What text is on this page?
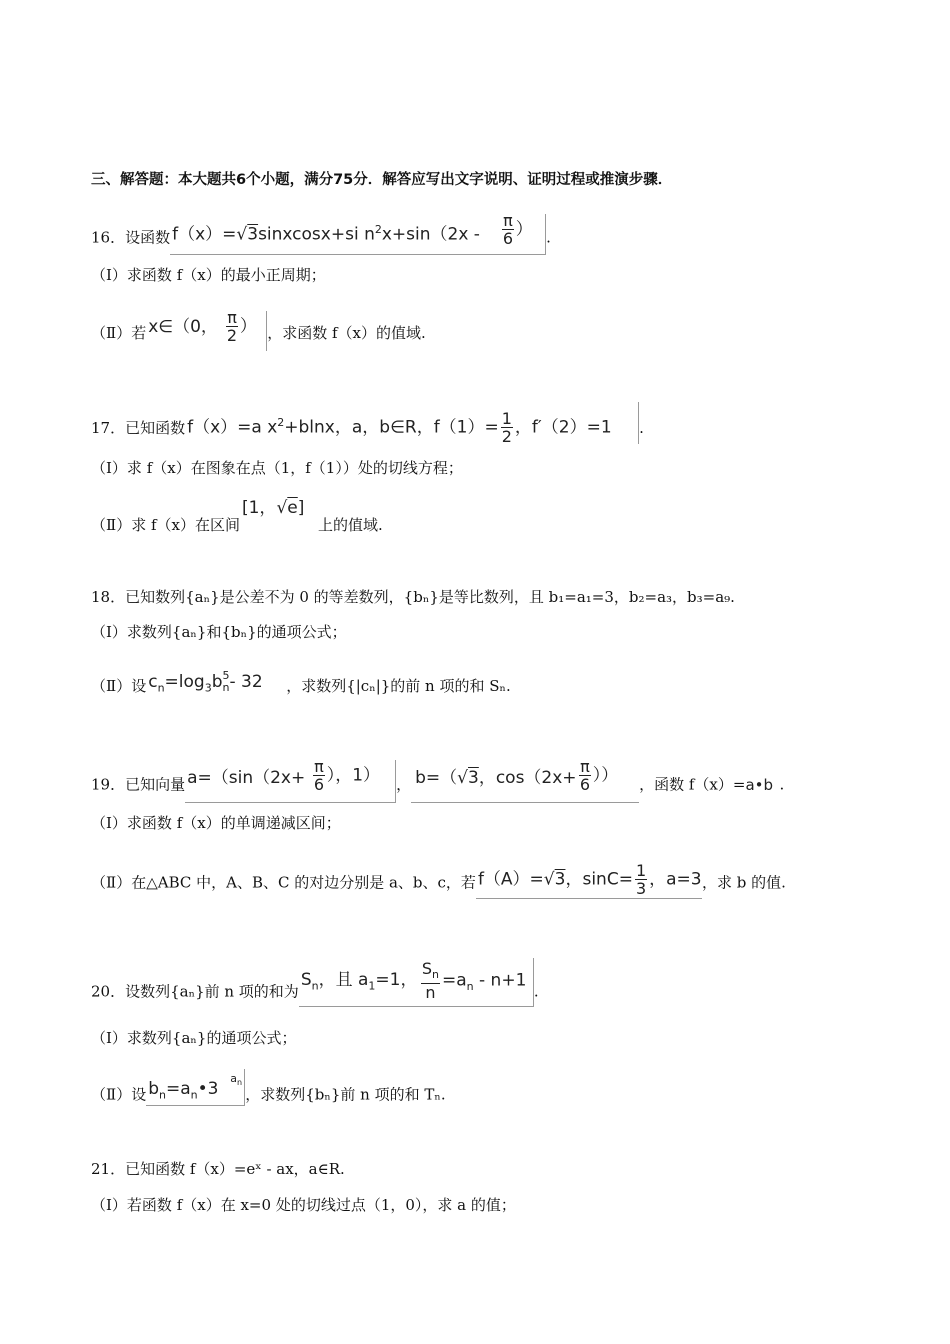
三、解答题：本大题共6个小题，满分75分．解答应写出文字说明、证明过程或推演步骤．
16．设函数 f（x）=√3sinxcosx+si $n^2x+\sin(2x - \frac{\pi}{6}$ ） .
（Ⅰ）求函数 f（x）的最小正周期；
（Ⅱ）若 x∈（0， $\frac{\pi}{2}$ ） ，求函数 f（x）的值域.
17．已知函数 f（x）=a $x^2+blnx$，a，b∈R，$f(1)= \frac{1}{2}$ ，f′（2）=1 .
（Ⅰ）求 f（x）在图象在点（1，f（1））处的切线方程；
（Ⅱ）求 f（x）在区间
[1，√e]
上的值域.
18．已知数列{aₙ}是公差不为 0 的等差数列，{bₙ}是等比数列，且 b₁=a₁=3，b₂=a₃，b₃=a₉.
（Ⅰ）求数列{aₙ}和{bₙ}的通项公式；
（Ⅱ）设 $c_n=\log_3b$ 5
n - 32 ，求数列{|cₙ|}的前 n 项的和 Sₙ.
19．已知向量 $a=(\sin(2x+ \frac{\pi}{6}$ ），1） ， b=（√3，$\cos(2x+ \frac{\pi}{6}$ ）） ，函数 f（x）= a•b .
（Ⅰ）求函数 f（x）的单调递减区间；
（Ⅱ）在△ABC 中，A、B、C 的对边分别是 a、b、c，若 f（A）=√3，$\sin C= \frac{1}{3}$ ，a=3 ，求 b 的值.
20．设数列{aₙ}前 n 项的和为
$S_n$，且 $a_1=1$， $\frac{S_n}{n} =a_n - n+1$
.
（Ⅰ）求数列{aₙ}的通项公式；
（Ⅱ）设 $b_n=a_n•3$
$a_n$
，求数列{bₙ}前 n 项的和 Tₙ.
21．已知函数 f（x）=eˣ - ax，a∈R.
（Ⅰ）若函数 f（x）在 x=0 处的切线过点（1，0），求 a 的值；
